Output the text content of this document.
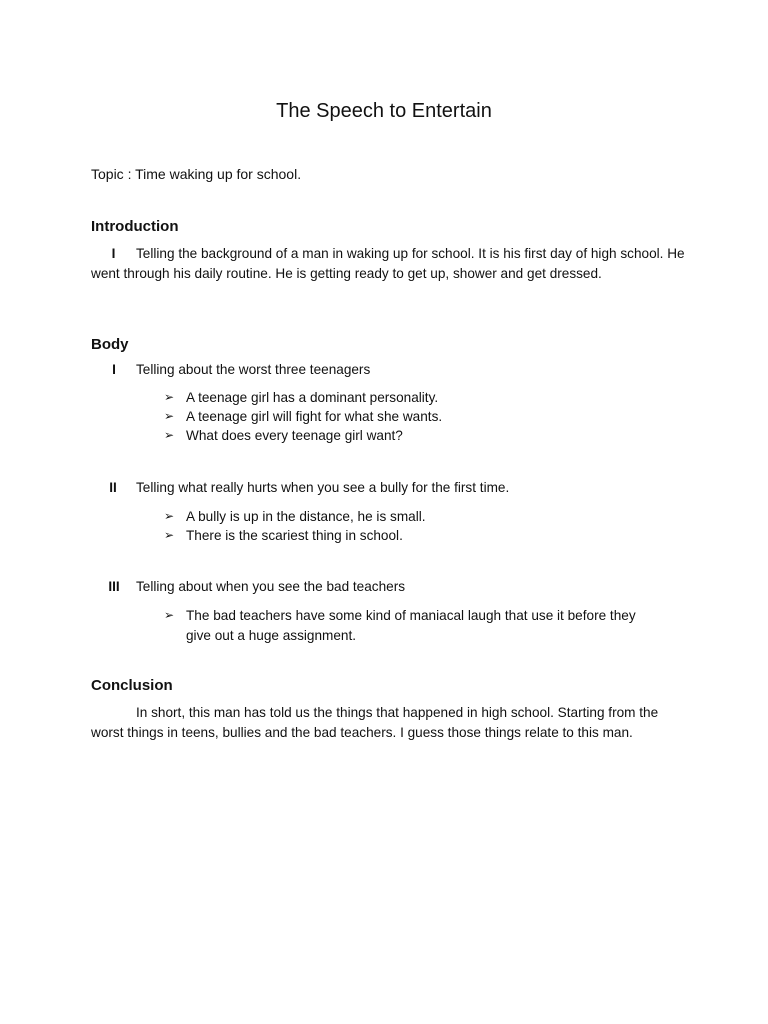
The Speech to Entertain
Topic : Time waking up for school.
Introduction
I Telling the background of a man in waking up for school. It is his first day of high school. He went through his daily routine. He is getting ready to get up, shower and get dressed.
Body
I	Telling about the worst three teenagers
➢ A teenage girl has a dominant personality.
➢ A teenage girl will fight for what she wants.
➢ What does every teenage girl want?
II	Telling what really hurts when you see a bully for the first time.
➢ A bully is up in the distance, he is small.
➢ There is the scariest thing in school.
III	Telling about when you see the bad teachers
➢ The bad teachers have some kind of maniacal laugh that use it before they give out a huge assignment.
Conclusion
In short, this man has told us the things that happened in high school. Starting from the worst things in teens, bullies and the bad teachers. I guess those things relate to this man.
